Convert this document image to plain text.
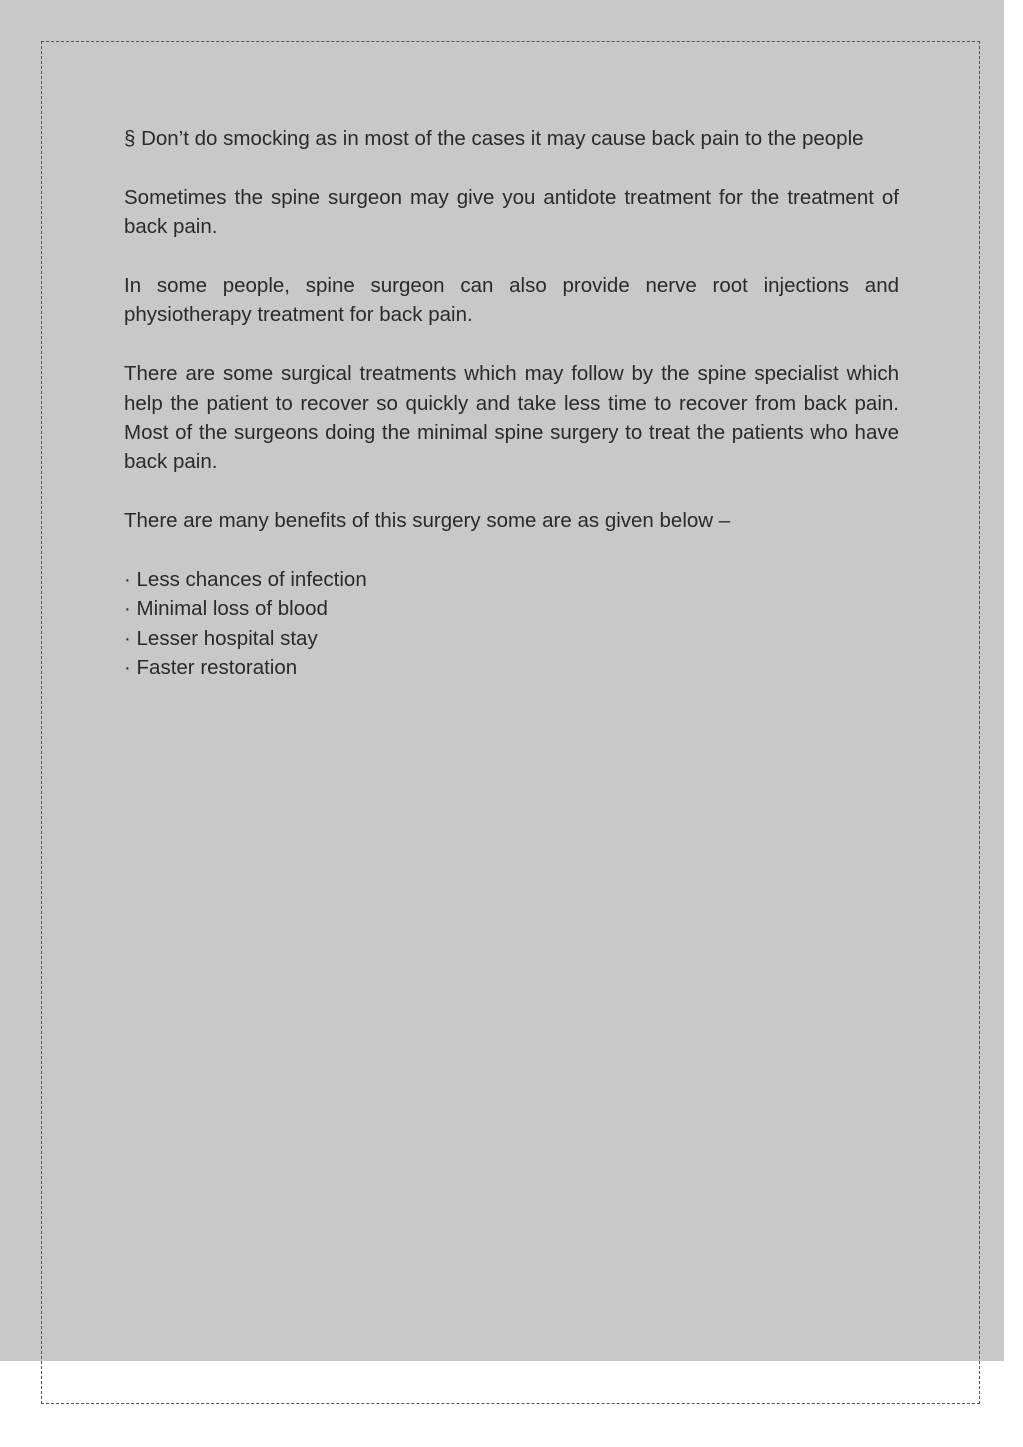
§ Don’t do smocking as in most of the cases it may cause back pain to the people

Sometimes the spine surgeon may give you antidote treatment for the treatment of back pain.

In some people, spine surgeon can also provide nerve root injections and physiotherapy treatment for back pain.

There are some surgical treatments which may follow by the spine specialist which help the patient to recover so quickly and take less time to recover from back pain. Most of the surgeons doing the minimal spine surgery to treat the patients who have back pain.

There are many benefits of this surgery some are as given below –

· Less chances of infection
· Minimal loss of blood
· Lesser hospital stay
· Faster restoration
